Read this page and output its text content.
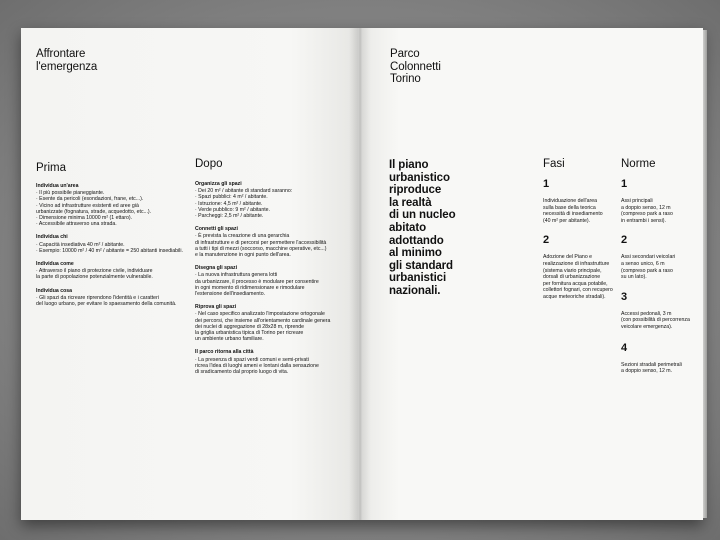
Affrontare
l'emergenza
Prima
Individua un'area
· Il più possibile pianeggiante.
· Esente da pericoli (esondazioni, frane, etc...).
· Vicino ad infrastrutture esistenti ed aree già
urbanizzate (fognatura, strade, acquedotto, etc...).
· Dimensione minima 10000 m² (1 ettaro).
· Accessibile attraverso una strada.
Individua chi
· Capacità insediativa 40 m² / abitante.
· Esempio: 10000 m² / 40 m² / abitante = 250 abitanti insediabili.
Individua come
· Attraverso il piano di protezione civile, individuare
la parte di popolazione potenzialmente vulnerabile.
Individua cosa
· Gli spazi da ricreare riprendono l'identità e i caratteri
del luogo urbano, per evitare lo spaesamento della comunità.
Dopo
Organizza gli spazi
· Dei 20 m² / abitante di standard saranno:
· Spazi pubblici: 4 m² / abitante.
· Istruzione: 4,5 m² / abitante.
· Verde pubblico: 9 m² / abitante.
· Parcheggi: 2,5 m² / abitante.
Connetti gli spazi
· È prevista la creazione di una gerarchia
di infrastrutture e di percorsi per permettere l'accessibilità
a tutti i tipi di mezzi (soccorso, macchine operative, etc...)
e la manutenzione in ogni punto dell'area.
Disegna gli spazi
· La nuova infrastruttura genera lotti
da urbanizzare, il processo è modulare per consentire
in ogni momento di ridimensionare e rimodulare
l'estensione dell'insediamento.
Riprova gli spazi
· Nel caso specifico analizzato l'impostazione ortogonale
dei percorsi, che insieme all'orientamento cardinale genera
dei nuclei di aggregazione di 28x28 m, riprende
la griglia urbanistica tipica di Torino per ricreare
un ambiente urbano familiare.
Il parco ritorna alla città
· La presenza di spazi verdi comuni e semi-privati
ricrea l'idea di luoghi ameni e lontani dalla sensazione
di sradicamento dal proprio luogo di vita.
Parco
Colonnetti
Torino
Il piano
urbanistico
riproduce
la realtà
di un nucleo
abitato
adottando
al minimo
gli standard
urbanistici
nazionali.
Fasi
1
Individuazione dell'area
sulla base della teorica
necessità di insediamento
(40 m² per abitante).
2
Adozione del Piano e
realizzazione di infrastrutture
(sistema viario principale,
dorsali di urbanizzazione
per fornitura acqua potabile,
collettori fognari, con recupero
acque meteoriche stradali).
Norme
1
Assi principali
a doppio senso, 12 m
(compreso park a raso
in entrambi i sensi).
2
Assi secondari veicolari
a senso unico, 6 m
(compreso park a raso
su un lato).
3
Accessi pedonali, 3 m
(con possibilità di percorrenza
veicolare emergenza).
4
Sezioni stradali perimetrali
a doppio senso, 12 m.
